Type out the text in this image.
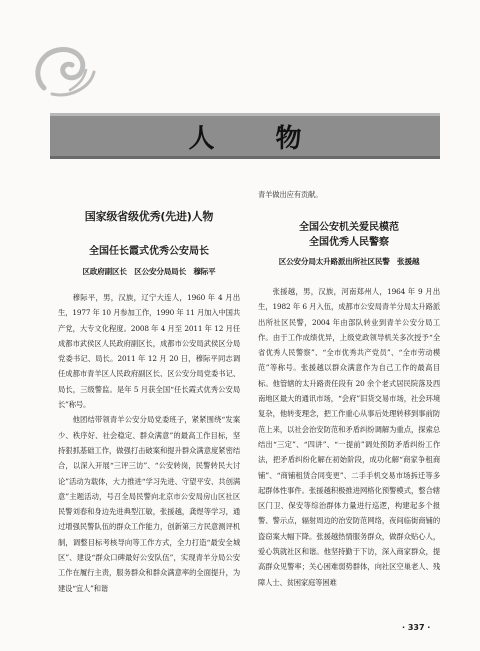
人 物
国家级省级优秀(先进)人物
全国任长霞式优秀公安局长
区政府副区长　区公安分局局长　穆际平

穆际平，男，汉族，辽宁大连人，1960 年 4 月出生，1977 年 10 月参加工作，1990 年 11 月加入中国共产党，大专文化程度。2008 年 4 月至 2011 年 12 月任成都市武侯区人民政府副区长，成都市公安局武侯区分局党委书记、局长。2011 年 12 月 20 日，穆际平同志调任成都市青羊区人民政府副区长、区公安分局党委书记、局长，三级警监。是年 5 月获全国“任长霞式优秀公安局长”称号。

他团结带领青羊公安分局党委班子，紧紧围绕“发案少、秩序好、社会稳定、群众满意”的最高工作目标，坚持狠抓基础工作，做强打击破案和提升群众满意度紧密结合，以深入开展“三评三访”、“公安转岗，民警转民大讨论”活动为载体，大力推进“学习先进、守望平安、共创满意”主题活动，号召全局民警向北京市公安局房山区社区民警刘春和身边先进典型江敏，张援越，龚煜等学习，通过增强民警队伍的群众工作能力，创新第三方民意测评机制，调整目标考核导向等工作方式，全力打造“最安全城区”、建设“群众口碑最好公安队伍”，实现青羊分局公安工作在履行主责，服务群众和群众满意率的全面提升，为建设“宜人”和谐

青羊做出应有贡献。
全国公安机关爱民模范
全国优秀人民警察
区公安分局太升路派出所社区民警　张援越

张援越，男，汉族，河南郑州人，1964 年 9 月出生，1982 年 6 月入伍，成都市公安局青羊分局太升路派出所社区民警，2004 年由部队转业到青羊公安分局工作。由于工作成绩优异，上级党政领导机关多次授予“全省优秀人民警察”、“全市优秀共产党员”、“全市劳动模范”等称号。张援越以群众满意作为自己工作的最高目标。他管辖的太升路责任段有 20 余个老式居民院落及西南地区最大的通讯市场，“会府”旧货交易市场，社会环境复杂，他转变理念，把工作重心从事后处理转移到事前防范上来，以社会治安防范和矛盾纠纷调解为重点，探索总结出“三定”、“四讲”、“一提前”调处预防矛盾纠纷工作法，把矛盾纠纷化解在初始阶段，成功化解“商家争租商铺”、“商铺租赁合同变更”、二手手机交易市场拆迁等多起群体性事件。张援越积极推进网格化预警模式，整合辖区门卫、保安等综治群体力量进行巡逻，构建起多个报警、警示点，辐射周边的治安防范网络，夜间临街商铺的盗窃案大幅下降。张援越热情服务群众，做群众贴心人，爱心筑就社区和谐。他坚持勤于下访，深入商家群众，提高群众见警率；关心困难弱势群体，向社区空巢老人、残障人士、贫困家庭等困难

· 337 ·
